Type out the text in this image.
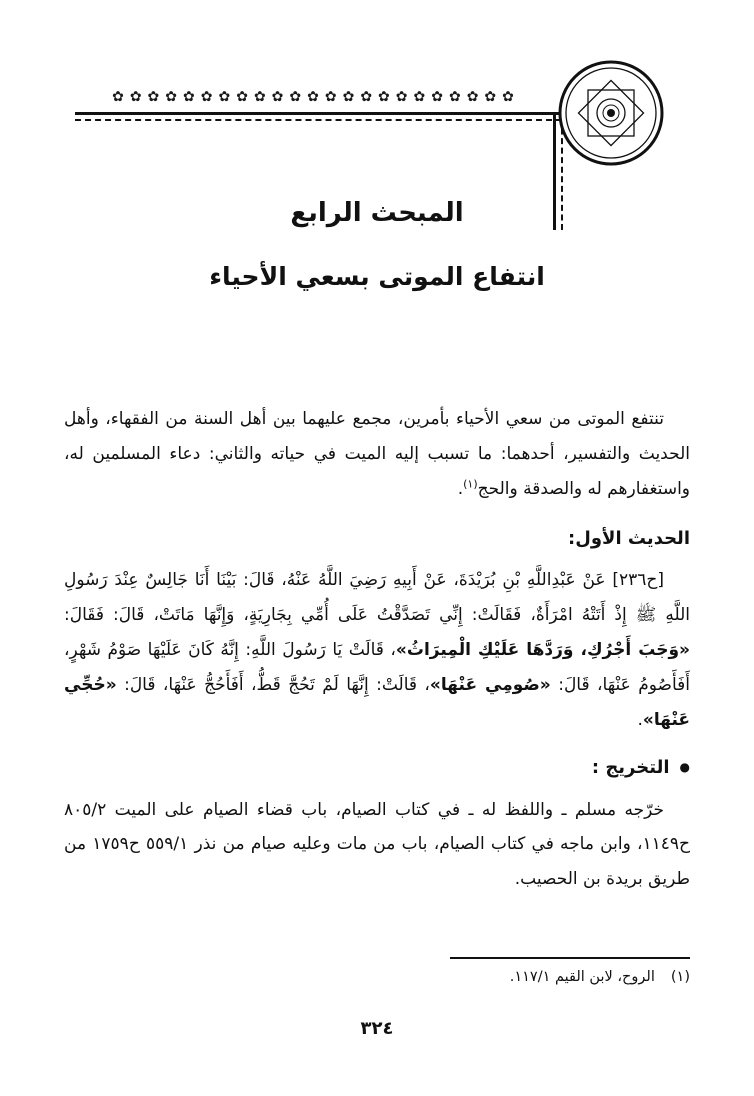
✿✿✿✿✿✿✿✿✿✿✿✿✿✿✿✿✿✿✿✿✿✿✿
المبحث الرابع
انتفاع الموتى بسعي الأحياء

تنتفع الموتى من سعي الأحياء بأمرين، مجمع عليهما بين أهل السنة من الفقهاء، وأهل الحديث والتفسير، أحدهما: ما تسبب إليه الميت في حياته والثاني: دعاء المسلمين له، واستغفارهم له والصدقة والحج$^{(١)}$.

الحديث الأول:

[ح٢٣٦] عَنْ عَبْدِاللَّهِ بْنِ بُرَيْدَةَ، عَنْ أَبِيهِ رَضِيَ اللَّهُ عَنْهُ، قَالَ: بَيْنَا أَنَا جَالِسٌ عِنْدَ رَسُولِ اللَّهِ ﷺ إِذْ أَتَتْهُ امْرَأَةٌ، فَقَالَتْ: إِنِّي تَصَدَّقْتُ عَلَى أُمِّي بِجَارِيَةٍ، وَإِنَّهَا مَاتَتْ، قَالَ: فَقَالَ: «وَجَبَ أَجْرُكِ، وَرَدَّهَا عَلَيْكِ الْمِيرَاثُ»، قَالَتْ يَا رَسُولَ اللَّهِ: إِنَّهُ كَانَ عَلَيْهَا صَوْمُ شَهْرٍ، أَفَأَصُومُ عَنْهَا، قَالَ: «صُومِي عَنْهَا»، قَالَتْ: إِنَّهَا لَمْ تَحُجَّ قَطُّ، أَفَأَحُجُّ عَنْهَا، قَالَ: «حُجِّي عَنْهَا».

●التخريج :

خرّجه مسلم ـ واللفظ له ـ في كتاب الصيام، باب قضاء الصيام على الميت ٨٠٥/٢ ح١١٤٩، وابن ماجه في كتاب الصيام، باب من مات وعليه صيام من نذر ٥٥٩/١ ح١٧٥٩ من طريق بريدة بن الحصيب.

(١)الروح، لابن القيم ١١٧/١.
٣٢٤
